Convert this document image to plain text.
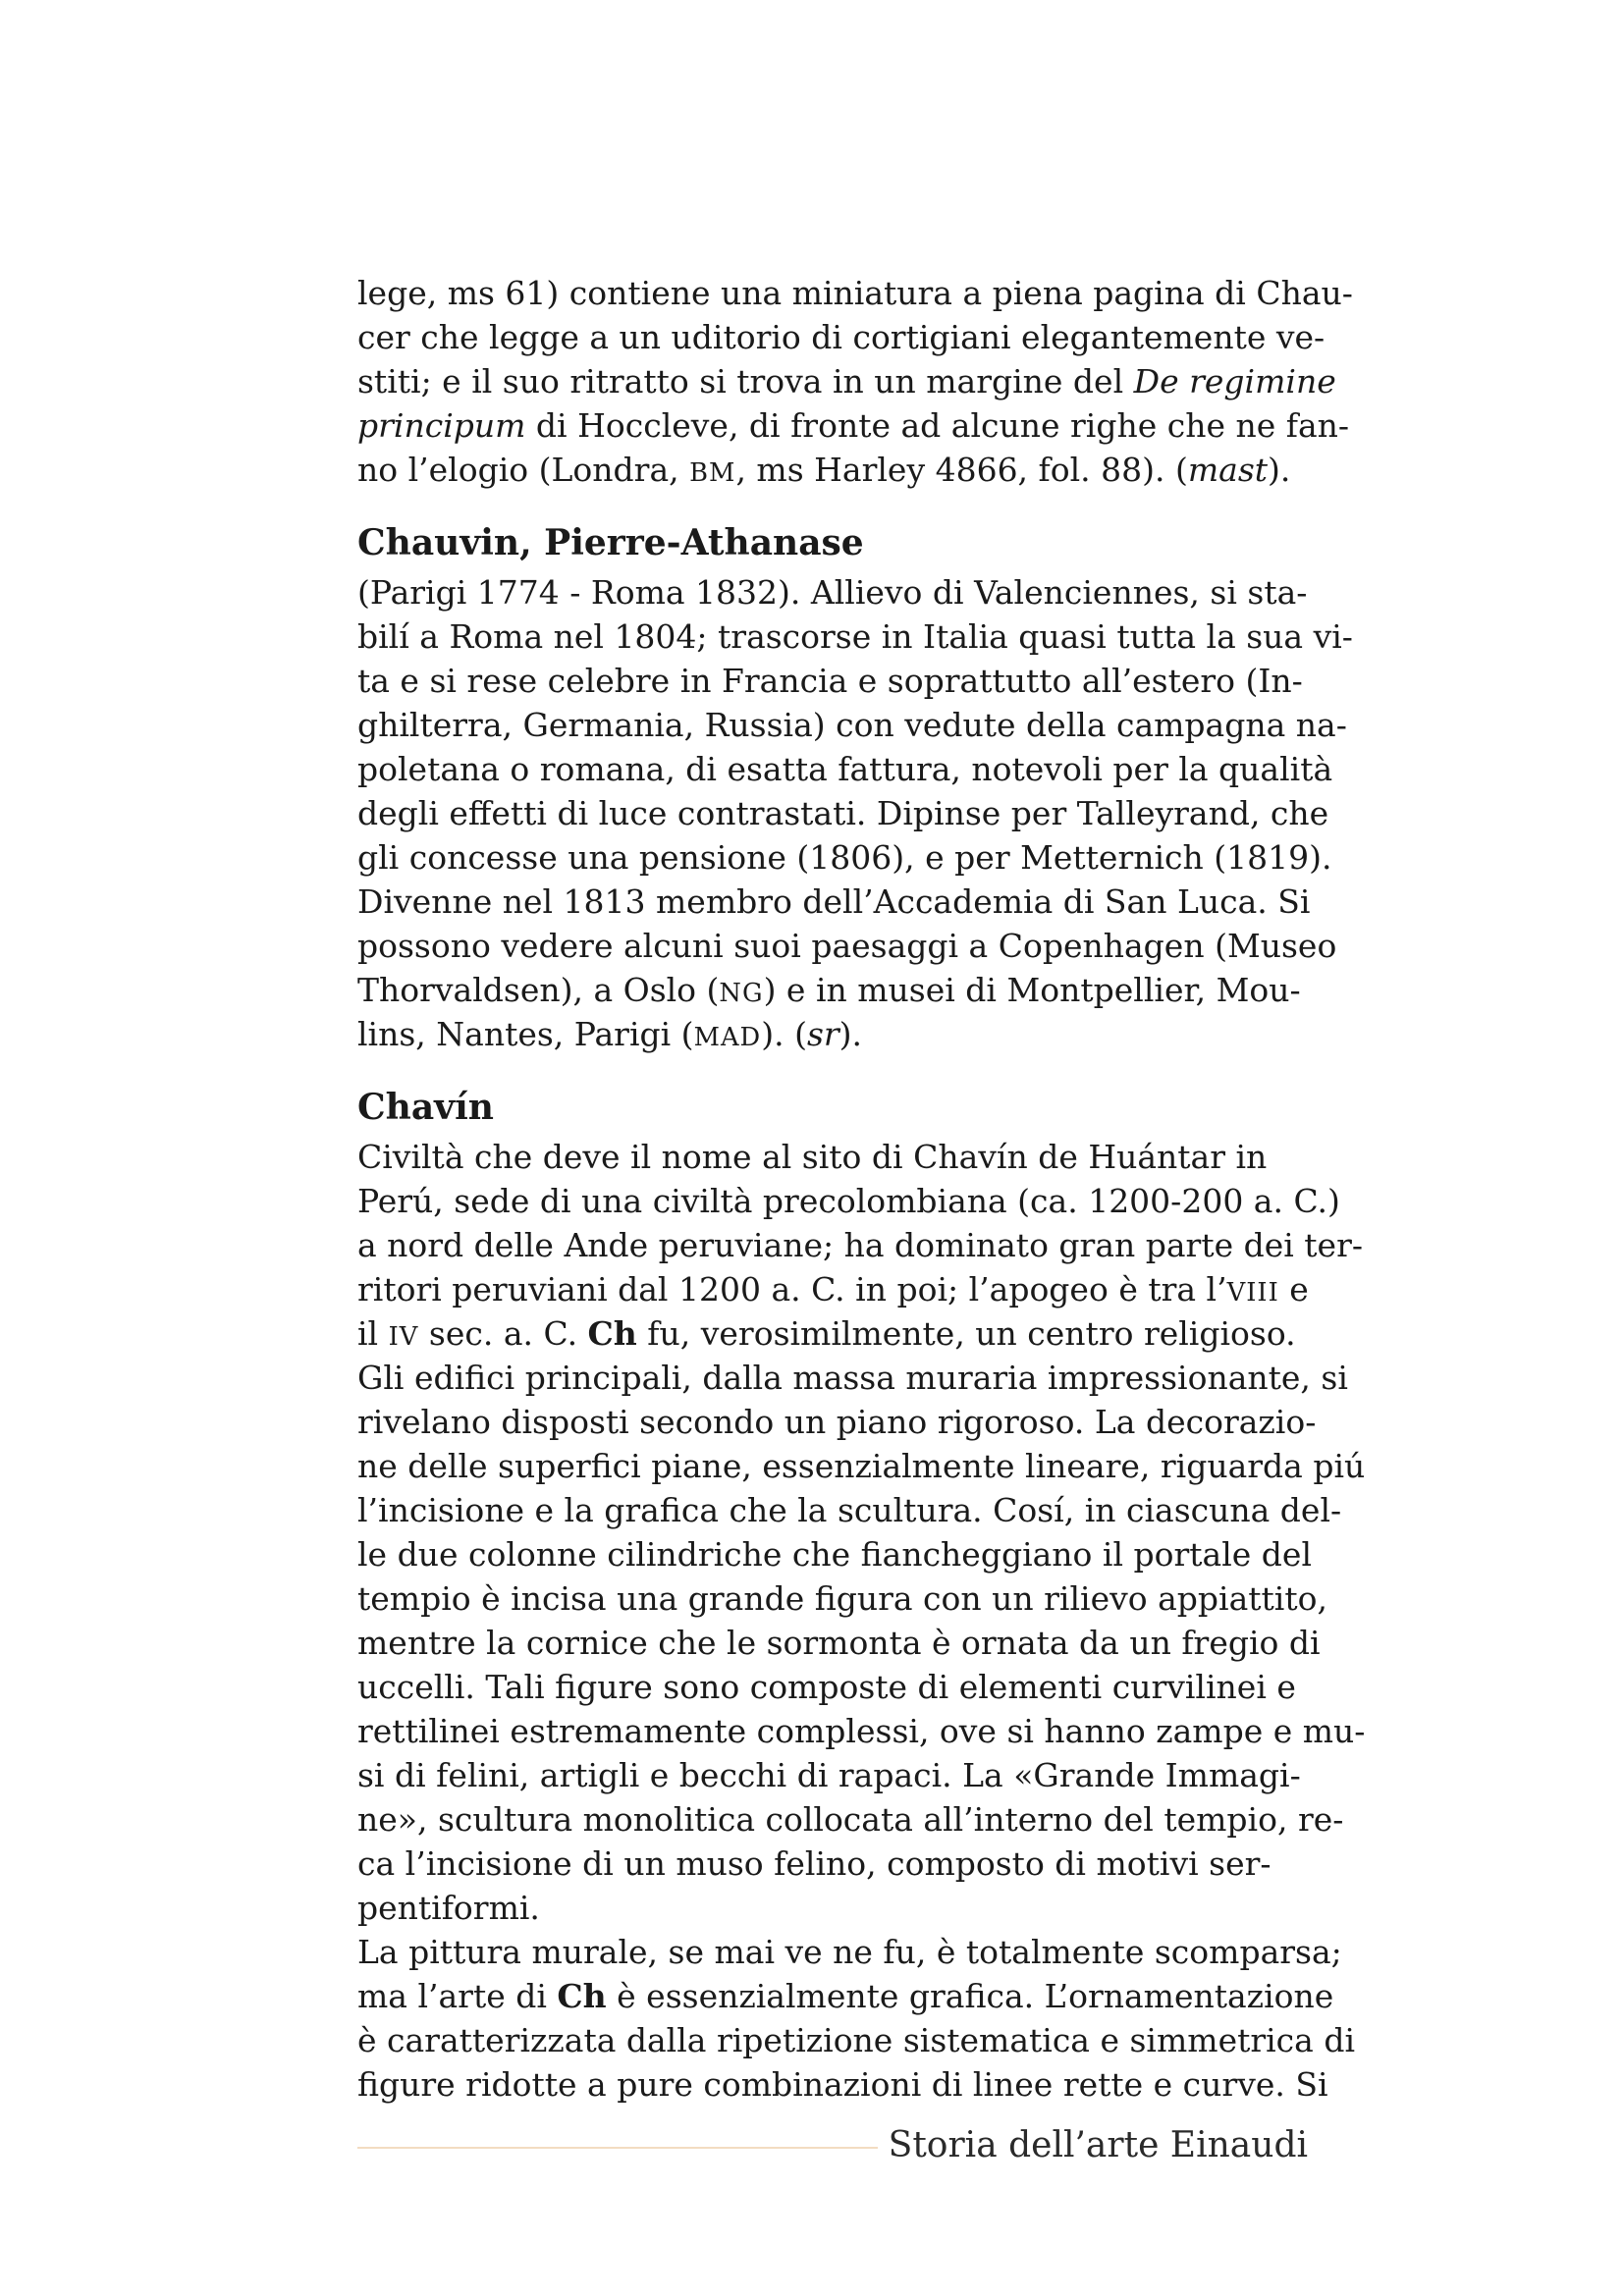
lege, ms 61) contiene una miniatura a piena pagina di Chau-
cer che legge a un uditorio di cortigiani elegantemente ve-
stiti; e il suo ritratto si trova in un margine del De regimine
principum di Hoccleve, di fronte ad alcune righe che ne fan-
no l’elogio (Londra, BM, ms Harley 4866, fol. 88). (mast).
Chauvin, Pierre-Athanase
(Parigi 1774 - Roma 1832). Allievo di Valenciennes, si sta-
bilí a Roma nel 1804; trascorse in Italia quasi tutta la sua vi-
ta e si rese celebre in Francia e soprattutto all’estero (In-
ghilterra, Germania, Russia) con vedute della campagna na-
poletana o romana, di esatta fattura, notevoli per la qualità
degli effetti di luce contrastati. Dipinse per Talleyrand, che
gli concesse una pensione (1806), e per Metternich (1819).
Divenne nel 1813 membro dell’Accademia di San Luca. Si
possono vedere alcuni suoi paesaggi a Copenhagen (Museo
Thorvaldsen), a Oslo (NG) e in musei di Montpellier, Mou-
lins, Nantes, Parigi (MAD). (sr).
Chavín
Civiltà che deve il nome al sito di Chavín de Huántar in
Perú, sede di una civiltà precolombiana (ca. 1200-200 a. C.)
a nord delle Ande peruviane; ha dominato gran parte dei ter-
ritori peruviani dal 1200 a. C. in poi; l’apogeo è tra l’VIII e
il IV sec. a. C. Ch fu, verosimilmente, un centro religioso.
Gli edifici principali, dalla massa muraria impressionante, si
rivelano disposti secondo un piano rigoroso. La decorazio-
ne delle superfici piane, essenzialmente lineare, riguarda piú
l’incisione e la grafica che la scultura. Cosí, in ciascuna del-
le due colonne cilindriche che fiancheggiano il portale del
tempio è incisa una grande figura con un rilievo appiattito,
mentre la cornice che le sormonta è ornata da un fregio di
uccelli. Tali figure sono composte di elementi curvilinei e
rettilinei estremamente complessi, ove si hanno zampe e mu-
si di felini, artigli e becchi di rapaci. La «Grande Immagi-
ne», scultura monolitica collocata all’interno del tempio, re-
ca l’incisione di un muso felino, composto di motivi ser-
pentiformi.
La pittura murale, se mai ve ne fu, è totalmente scomparsa;
ma l’arte di Ch è essenzialmente grafica. L’ornamentazione
è caratterizzata dalla ripetizione sistematica e simmetrica di
figure ridotte a pure combinazioni di linee rette e curve. Si
Storia dell’arte Einaudi
